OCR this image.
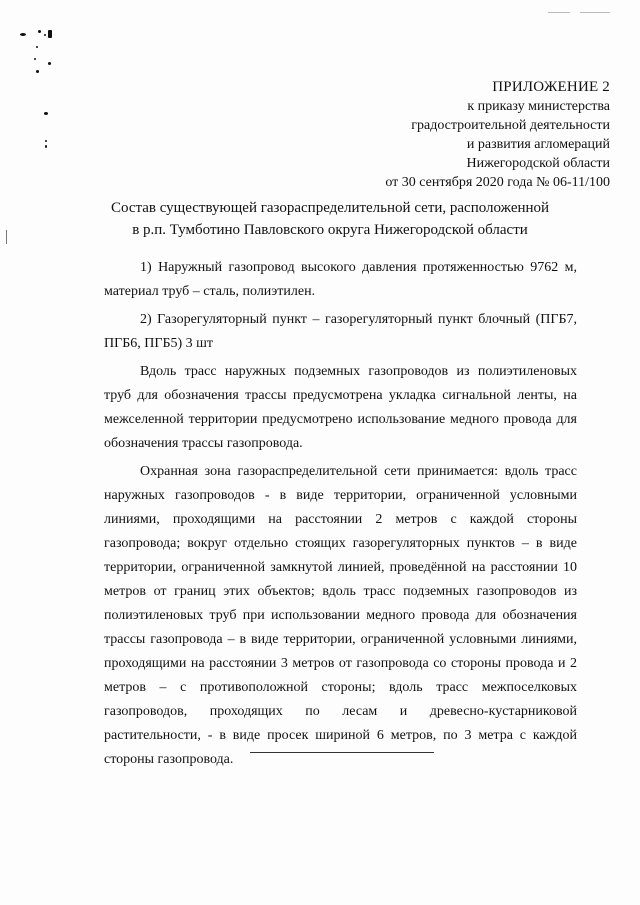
ПРИЛОЖЕНИЕ 2
к приказу министерства
градостроительной деятельности
и развития агломераций
Нижегородской области
от 30 сентября 2020 года № 06-11/100
Состав существующей газораспределительной сети, расположенной
в р.п. Тумботино Павловского округа Нижегородской области

1) Наружный газопровод высокого давления протяженностью 9762 м, материал труб – сталь, полиэтилен.

2) Газорегуляторный пункт – газорегуляторный пункт блочный (ПГБ7, ПГБ6, ПГБ5) 3 шт

Вдоль трасс наружных подземных газопроводов из полиэтиленовых труб для обозначения трассы предусмотрена укладка сигнальной ленты, на межселенной территории предусмотрено использование медного провода для обозначения трассы газопровода.

Охранная зона газораспределительной сети принимается: вдоль трасс наружных газопроводов - в виде территории, ограниченной условными линиями, проходящими на расстоянии 2 метров с каждой стороны газопровода; вокруг отдельно стоящих газорегуляторных пунктов – в виде территории, ограниченной замкнутой линией, проведённой на расстоянии 10 метров от границ этих объектов; вдоль трасс подземных газопроводов из полиэтиленовых труб при использовании медного провода для обозначения трассы газопровода – в виде территории, ограниченной условными линиями, проходящими на расстоянии 3 метров от газопровода со стороны провода и 2 метров – с противоположной стороны; вдоль трасс межпоселковых газопроводов, проходящих по лесам и древесно-кустарниковой растительности, - в виде просек шириной 6 метров, по 3 метра с каждой стороны газопровода.
